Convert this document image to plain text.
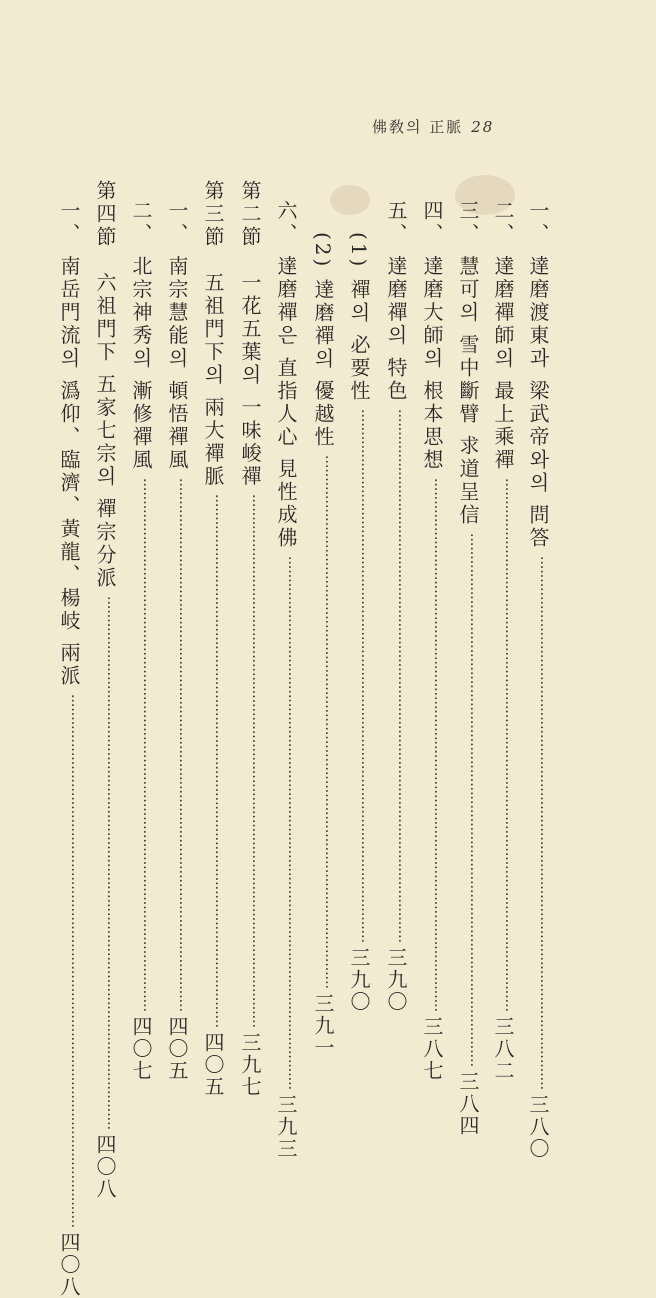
佛敎의 正脈 28
一、 達磨渡東과 梁武帝와의 問答
························································································································
三八〇
二、 達磨禪師의 最上乘禪
························································································································
三八二
三、 慧可의 雪中斷臂 求道呈信
························································································································
三八四
四、 達磨大師의 根本思想
························································································································
三八七
五、 達磨禪의 特色
························································································································
三九〇
(1) 禪의 必要性
························································································································
三九〇
(2) 達磨禪의 優越性
························································································································
三九一
六、 達磨禪은 直指人心 見性成佛
························································································································
三九三
第二節　一花五葉의 一味峻禪
························································································································
三九七
第三節　五祖門下의 兩大禪脈
························································································································
四〇五
一、 南宗慧能의 頓悟禪風
························································································································
四〇五
二、 北宗神秀의 漸修禪風
························································································································
四〇七
第四節　六祖門下 五家七宗의 禪宗分派
························································································································
四〇八
一、 南岳門流의 潙仰、臨濟、黃龍、楊岐 兩派
························································································································
四〇八
